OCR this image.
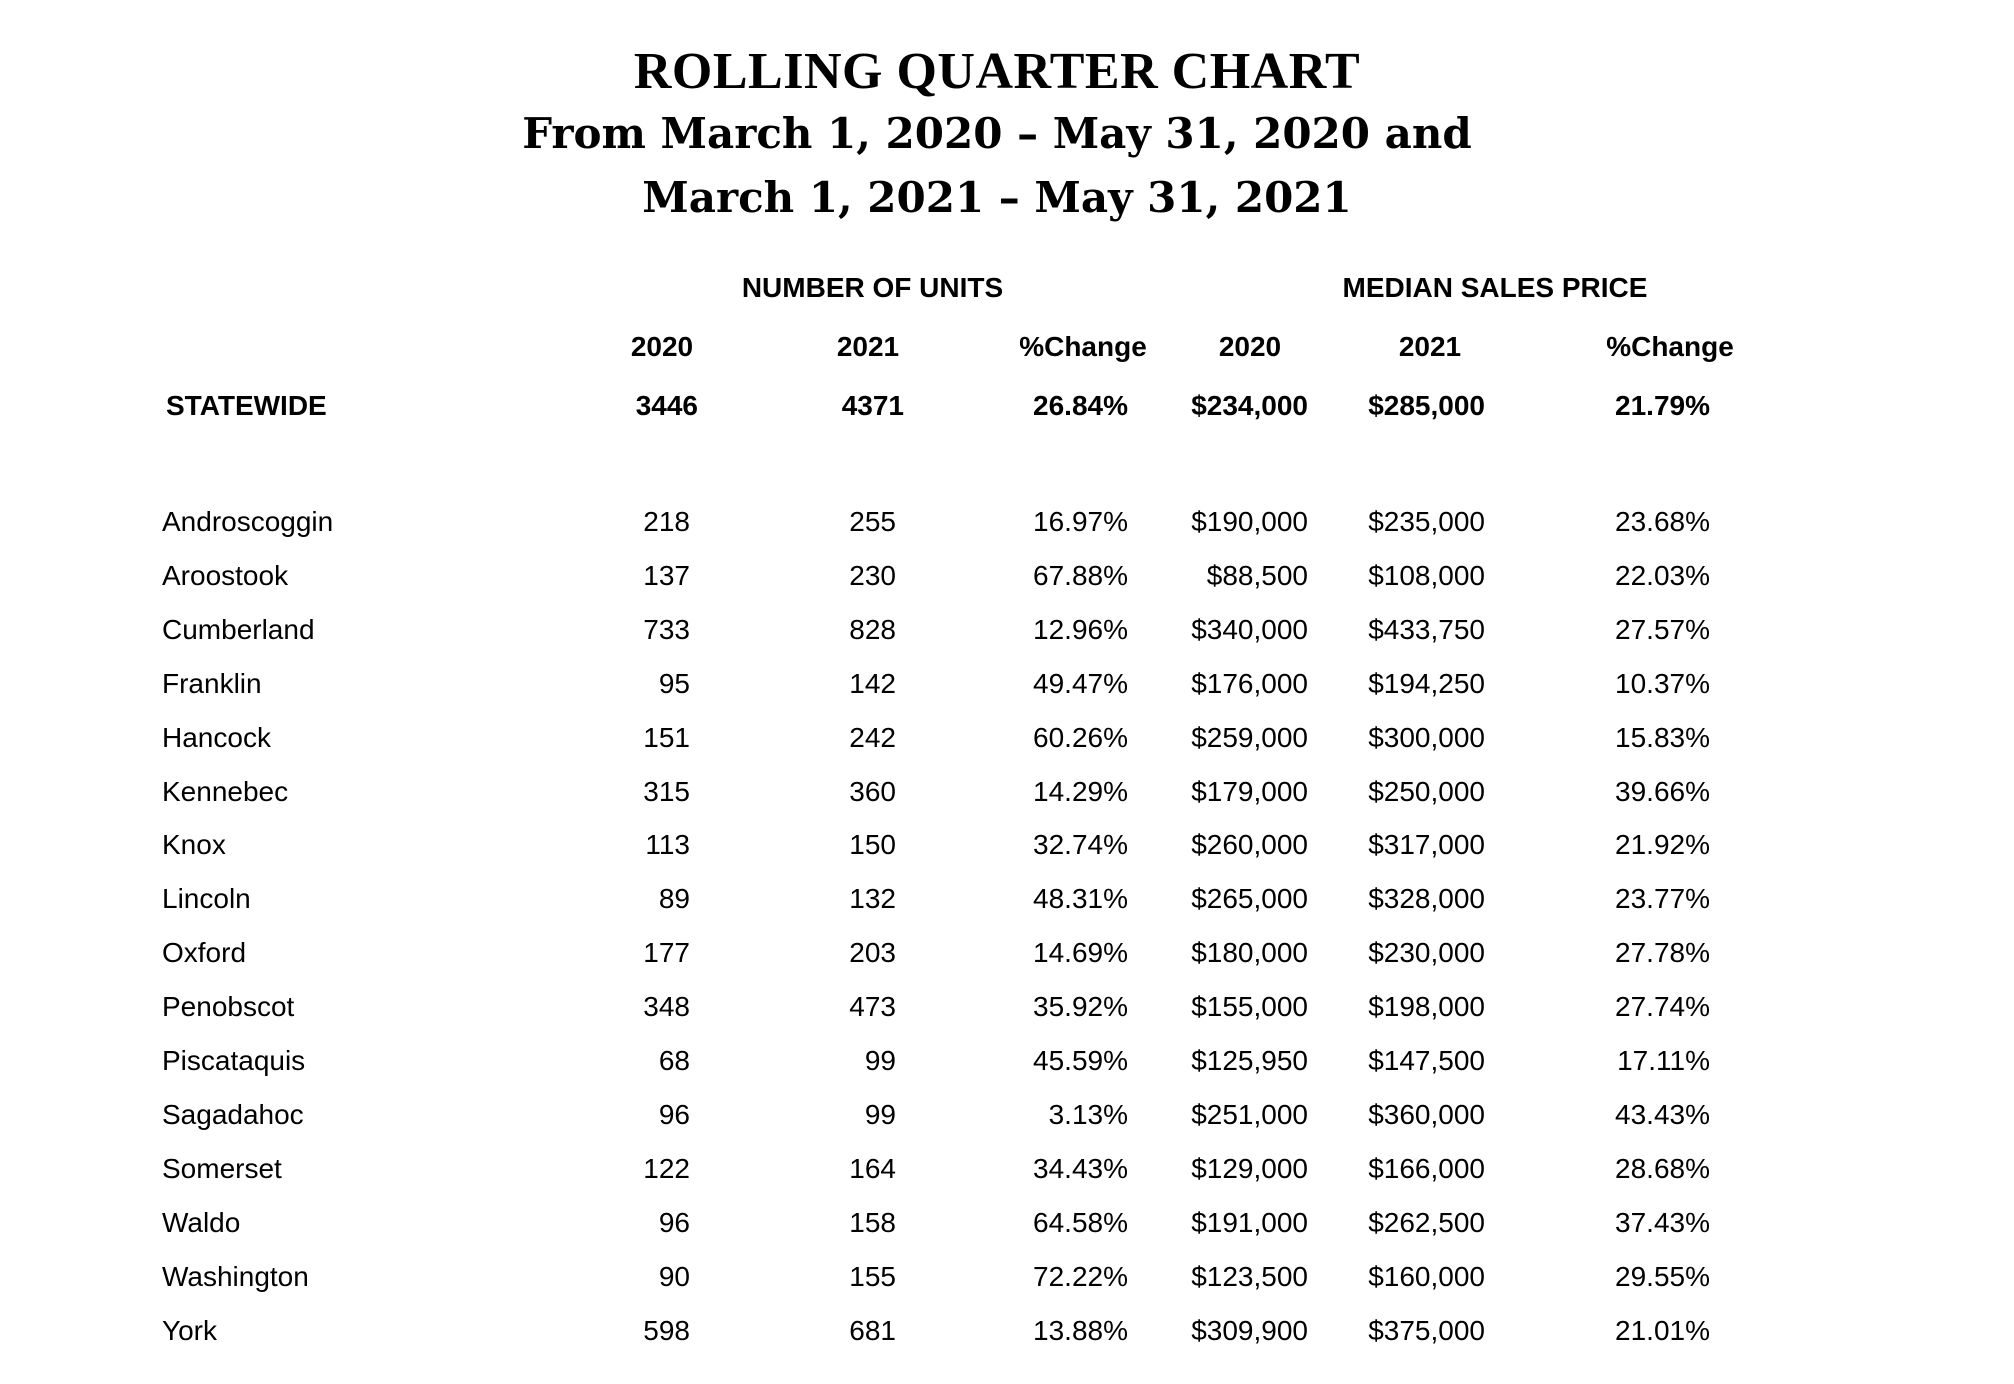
ROLLING QUARTER CHART
From March 1, 2020 – May 31, 2020 and
March 1, 2021 – May 31, 2021
NUMBER OF UNITS	MEDIAN SALES PRICE
2020	2021	%Change	2020	2021	%Change
STATEWIDE	3446	4371	26.84%	$234,000	$285,000	21.79%
Androscoggin	218	255	16.97%	$190,000	$235,000	23.68%
Aroostook	137	230	67.88%	$88,500	$108,000	22.03%
Cumberland	733	828	12.96%	$340,000	$433,750	27.57%
Franklin	95	142	49.47%	$176,000	$194,250	10.37%
Hancock	151	242	60.26%	$259,000	$300,000	15.83%
Kennebec	315	360	14.29%	$179,000	$250,000	39.66%
Knox	113	150	32.74%	$260,000	$317,000	21.92%
Lincoln	89	132	48.31%	$265,000	$328,000	23.77%
Oxford	177	203	14.69%	$180,000	$230,000	27.78%
Penobscot	348	473	35.92%	$155,000	$198,000	27.74%
Piscataquis	68	99	45.59%	$125,950	$147,500	17.11%
Sagadahoc	96	99	3.13%	$251,000	$360,000	43.43%
Somerset	122	164	34.43%	$129,000	$166,000	28.68%
Waldo	96	158	64.58%	$191,000	$262,500	37.43%
Washington	90	155	72.22%	$123,500	$160,000	29.55%
York	598	681	13.88%	$309,900	$375,000	21.01%
